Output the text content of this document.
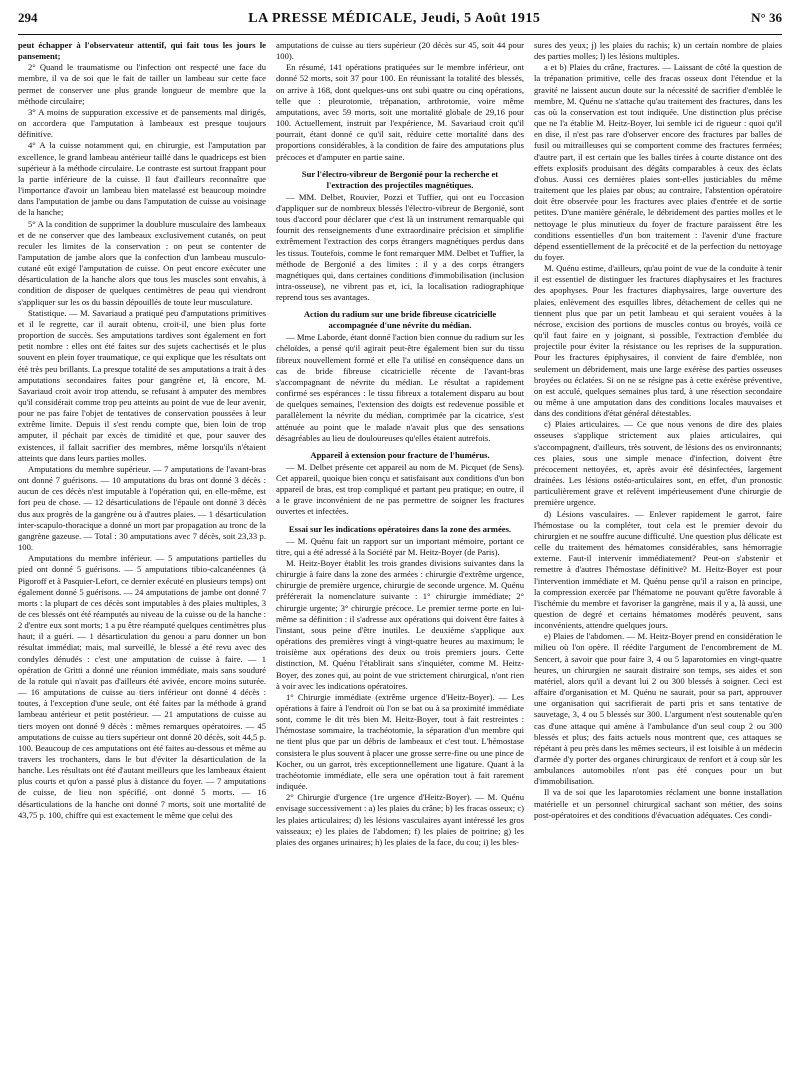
294	LA PRESSE MÉDICALE, Jeudi, 5 Août 1915	N° 36

peut échapper à l'observateur attentif, qui fait tous les jours le pansement;

2° Quand le traumatisme ou l'infection ont respecté une face du membre, il va de soi que le fait de tailler un lambeau sur cette face permet de conserver une plus grande longueur de membre que la méthode circulaire;

3° A moins de suppuration excessive et de pansements mal dirigés, on accordera que l'amputation à lambeaux est presque toujours définitive.

4° A la cuisse notamment qui, en chirurgie, est l'amputation par excellence, le grand lambeau antérieur taillé dans le quadriceps est bien supérieur à la méthode circulaire. Le contraste est surtout frappant pour la partie inférieure de la cuisse. Il faut d'ailleurs reconnaître que l'importance d'avoir un lambeau bien matelassé est beaucoup moindre dans l'amputation de jambe ou dans l'amputation de cuisse au voisinage de la hanche;

5° A la condition de supprimer la doublure musculaire des lambeaux et de ne conserver que des lambeaux exclusivement cutanés, on peut reculer les limites de la conservation : on peut se contenter de l'amputation de jambe alors que la confection d'un lambeau musculo-cutané eût exigé l'amputation de cuisse. On peut encore exécuter une désarticulation de la hanche alors que tous les muscles sont envahis, à condition de disposer de quelques centimètres de peau qui viendront s'appliquer sur les os du bassin dépouillés de toute leur musculature.

Statistique. — M. Savariaud a pratiqué peu d'amputations primitives et il le regrette, car il aurait obtenu, croit-il, une bien plus forte proportion de succès. Ses amputations tardives sont également en fort petit nombre : elles ont été faites sur des sujets cachectisés et le plus souvent en plein foyer traumatique, ce qui explique que les résultats ont été très peu brillants. La presque totalité de ses amputations a trait à des amputations secondaires faites pour gangrène et, là encore, M. Savariaud croit avoir trop attendu, se refusant à amputer des membres qu'il considérait comme trop peu atteints au point de vue de leur avenir, pour ne pas faire l'objet de tentatives de conservation poussées à leur extrême limite. Depuis il s'est rendu compte que, bien loin de trop amputer, il péchait par excès de timidité et que, pour sauver des existences, il fallait sacrifier des membres, même lorsqu'ils n'étaient atteints que dans leurs parties molles.

Amputations du membre supérieur. — 7 amputations de l'avant-bras ont donné 7 guérisons. — 10 amputations du bras ont donné 3 décès : aucun de ces décès n'est imputable à l'opération qui, en elle-même, est fort peu de chose. — 12 désarticulations de l'épaule ont donné 3 décès dus aux progrès de la gangrène ou à d'autres plaies. — 1 désarticulation inter-scapulo-thoracique a donné un mort par propagation au tronc de la gangrène gazeuse. — Total : 30 amputations avec 7 décès, soit 23,33 p. 100.

Amputations du membre inférieur. — 5 amputations partielles du pied ont donné 5 guérisons. — 5 amputations tibio-calcanéennes (à Pigoroff et à Pasquier-Lefort, ce dernier exécuté en plusieurs temps) ont également donné 5 guérisons. — 24 amputations de jambe ont donné 7 morts : la plupart de ces décès sont imputables à des plaies multiples, 3 de ces blessés ont été réamputés au niveau de la cuisse ou de la hanche : 2 d'entre eux sont morts; 1 a pu être réamputé quelques centimètres plus haut; il a guéri. — 1 désarticulation du genou a paru donner un bon résultat immédiat; mais, mal surveillé, le blessé a été revu avec des condyles dénudés : c'est une amputation de cuisse à faire. — 1 opération de Gritti a donné une réunion immédiate, mais sans souduré de la rotule qui n'avait pas d'ailleurs été avivée, encore moins suturée. — 16 amputations de cuisse au tiers inférieur ont donné 4 décès : toutes, à l'exception d'une seule, ont été faites par la méthode à grand lambeau antérieur et petit postérieur. — 21 amputations de cuisse au tiers moyen ont donné 9 décès : mêmes remarques opératoires. — 45 amputations de cuisse au tiers supérieur ont donné 20 décès, soit 44,5 p. 100. Beaucoup de ces amputations ont été faites au-dessous et même au travers les trochanters, dans le but d'éviter la désarticulation de la hanche. Les résultats ont été d'autant meilleurs que les lambeaux étaient plus courts et qu'on a passé plus à distance du foyer. — 7 amputations de cuisse, de lieu non spécifié, ont donné 5 morts. — 16 désarticulations de la hanche ont donné 7 morts, soit une mortalité de 43,75 p. 100, chiffre qui est exactement le même que celui des

amputations de cuisse au tiers supérieur (20 décès sur 45, soit 44 pour 100).

En résumé, 141 opérations pratiquées sur le membre inférieur, ont donné 52 morts, soit 37 pour 100. En réunissant la totalité des blessés, on arrive à 168, dont quelques-uns ont subi quatre ou cinq opérations, telle que : pleurotomie, trépanation, arthrotomie, voire même amputations, avec 59 morts, soit une mortalité globale de 29,16 pour 100. Actuellement, instruit par l'expérience, M. Savariaud croit qu'il pourrait, étant donné ce qu'il sait, réduire cette mortalité dans des proportions considérables, à la condition de faire des amputations plus précoces et d'amputer en partie saine.

Sur l'électro-vibreur de Bergonié pour la recherche et l'extraction des projectiles magnétiques.

— MM. Delbet, Rouvier, Pozzi et Tuffier, qui ont eu l'occasion d'appliquer sur de nombreux blessés l'électro-vibreur de Bergonié, sont tous d'accord pour déclarer que c'est là un instrument remarquable qui fournit des renseignements d'une extraordinaire précision et simplifie extrêmement l'extraction des corps étrangers magnétiques perdus dans les tissus. Toutefois, comme le font remarquer MM. Delbet et Tuffier, la méthode de Bergonié a des limites : il y a des corps étrangers magnétiques qui, dans certaines conditions d'immobilisation (inclusion intra-osseuse), ne vibrent pas et, ici, la localisation radiographique reprend tous ses avantages.

Action du radium sur une bride fibreuse cicatricielle accompagnée d'une névrite du médian.

— Mme Laborde, étant donné l'action bien connue du radium sur les chéloïdes, a pensé qu'il agirait peut-être également bien sur du tissu fibreux nouvellement formé et elle l'a utilisé en conséquence dans un cas de bride fibreuse cicatricielle récente de l'avant-bras s'accompagnant de névrite du médian. Le résultat a rapidement confirmé ses espérances : le tissu fibreux a totalement disparu au bout de quelques semaines, l'extension des doigts est redevenue possible et parallèlement la névrite du médian, comprimée par la cicatrice, s'est atténuée au point que le malade n'avait plus que des sensations désagréables au lieu de douloureuses qu'elles étaient autrefois.

Appareil à extension pour fracture de l'humérus.

— M. Delbet présente cet appareil au nom de M. Picquet (de Sens). Cet appareil, quoique bien conçu et satisfaisant aux conditions d'un bon appareil de bras, est trop compliqué et partant peu pratique; en outre, il a le grave inconvénient de ne pas permettre de soigner les fractures ouvertes et infectées.

Essai sur les indications opératoires dans la zone des armées.

— M. Quénu fait un rapport sur un important mémoire, portant ce titre, qui a été adressé à la Société par M. Heitz-Boyer (de Paris).

M. Heitz-Boyer établit les trois grandes divisions suivantes dans la chirurgie à faire dans la zone des armées : chirurgie d'extrême urgence, chirurgie de première urgence, chirurgie de seconde urgence. M. Quénu préférerait la nomenclature suivante : 1° chirurgie immédiate; 2° chirurgie urgente; 3° chirurgie précoce. Le premier terme porte en lui-même sa définition : il s'adresse aux opérations qui doivent être faites à l'instant, sous peine d'être inutiles. Le deuxième s'applique aux opérations des premières vingt à vingt-quatre heures au maximum; le troisième aux opérations des deux ou trois premiers jours. Cette distinction, M. Quénu l'établirait sans s'inquiéter, comme M. Heitz-Boyer, des zones qui, au point de vue strictement chirurgical, n'ont rien à voir avec les indications opératoires.

1° Chirurgie immédiate (extrême urgence d'Heitz-Boyer). — Les opérations à faire à l'endroit où l'on se bat ou à sa proximité immédiate sont, comme le dit très bien M. Heitz-Boyer, tout à fait restreintes : l'hémostase sommaire, la trachéotomie, la séparation d'un membre qui ne tient plus que par un débris de lambeaux et c'est tout. L'hémostase consistera le plus souvent à placer une grosse serre-fine ou une pince de Kocher, ou un garrot, très exceptionnellement une ligature. Quant à la trachéotomie immédiate, elle sera une opération tout à fait rarement indiquée.

2° Chirurgie d'urgence (1re urgence d'Heitz-Boyer). — M. Quénu envisage successivement : a) les plaies du crâne; b) les fracas osseux; c) les plaies articulaires; d) les lésions vasculaires ayant intéressé les gros vaisseaux; e) les plaies de l'abdomen; f) les plaies de poitrine; g) les plaies des organes urinaires; h) les plaies de la face, du cou; i) les bles-

sures des yeux; j) les plaies du rachis; k) un certain nombre de plaies des parties molles; l) les lésions multiples.

a et b) Plaies du crâne, fractures. — Laissant de côté la question de la trépanation primitive, celle des fracas osseux dont l'étendue et la gravité ne laissent aucun doute sur la nécessité de sacrifier d'emblée le membre, M. Quénu ne s'attache qu'au traitement des fractures, dans les cas où la conservation est tout indiquée. Une distinction plus précise que ne l'a établie M. Heitz-Boyer, lui semble ici de rigueur : quoi qu'il en dise, il n'est pas rare d'observer encore des fractures par balles de fusil ou mitrailleuses qui se comportent comme des fractures fermées; d'autre part, il est certain que les balles tirées à courte distance ont des effets explosifs produisant des dégâts comparables à ceux des éclats d'obus. Aussi ces dernières plaies sont-elles justiciables du même traitement que les plaies par obus; au contraire, l'abstention opératoire doit être observée pour les fractures avec plaies d'entrée et de sortie petites. D'une manière générale, le débridement des parties molles et le nettoyage le plus minutieux du foyer de fracture paraissent être les conditions essentielles d'un bon traitement : l'avenir d'une fracture dépend essentiellement de la précocité et de la perfection du nettoyage du foyer.

M. Quénu estime, d'ailleurs, qu'au point de vue de la conduite à tenir il est essentiel de distinguer les fractures diaphysaires et les fractures des apophyses. Pour les fractures diaphysaires, large ouverture des plaies, enlèvement des esquilles libres, détachement de celles qui ne tiennent plus que par un petit lambeau et qui seraient vouées à la nécrose, excision des portions de muscles contus ou broyés, voilà ce qu'il faut faire en y joignant, si possible, l'extraction d'emblée du projectile pour éviter la résistance ou les reprises de la suppuration. Pour les fractures épiphysaires, il convient de faire d'emblée, non seulement un débridement, mais une large exérèse des parties osseuses broyées ou éclatées. Si on ne se résigne pas à cette exérèse préventive, on est acculé, quelques semaines plus tard, à une résection secondaire ou même à une amputation dans des conditions locales mauvaises et dans des conditions d'état général détestables.

c) Plaies articulaires. — Ce que nous venons de dire des plaies osseuses s'applique strictement aux plaies articulaires, qui s'accompagnent, d'ailleurs, très souvent, de lésions des os environnants; ces plaies, sous une simple menace d'infection, doivent être précocement nettoyées, et, après avoir été désinfectées, largement drainées. Les lésions ostéo-articulaires sont, en effet, d'un pronostic particulièrement grave et relèvent impérieusement d'une chirurgie de première urgence.

d) Lésions vasculaires. — Enlever rapidement le garrot, faire l'hémostase ou la compléter, tout cela est le premier devoir du chirurgien et ne souffre aucune difficulté. Une question plus délicate est celle du traitement des hématomes considérables, sans hémorragie externe. Faut-il intervenir immédiatement? Peut-on s'abstenir et remettre à d'autres l'hémostase définitive? M. Heitz-Boyer est pour l'intervention immédiate et M. Quénu pense qu'il a raison en principe, la compression exercée par l'hématome ne pouvant qu'être favorable à l'ischémie du membre et favoriser la gangrène, mais il y a, là aussi, une question de degré et certains hématomes modérés peuvent, sans inconvénients, attendre quelques jours.

e) Plaies de l'abdomen. — M. Heitz-Boyer prend en considération le milieu où l'on opère. Il réédite l'argument de l'encombrement de M. Sencert, à savoir que pour faire 3, 4 ou 5 laparotomies en vingt-quatre heures, un chirurgien ne saurait distraire son temps, ses aides et son matériel, alors qu'il a devant lui 2 ou 300 blessés à soigner. Ceci est affaire d'organisation et M. Quénu ne saurait, pour sa part, approuver une organisation qui sacrifierait de parti pris et sans tentative de sauvetage, 3, 4 ou 5 blessés sur 300. L'argument n'est soutenable qu'en cas d'une attaque qui amène à l'ambulance d'un seul coup 2 ou 300 blessés et plus; des faits actuels nous montrent que, ces attaques se répétant à peu près dans les mêmes secteurs, il est loisible à un médecin d'armée d'y porter des organes chirurgicaux de renfort et à coup sûr les ambulances automobiles n'ont pas été conçues pour un but d'immobilisation.

Il va de soi que les laparotomies réclament une bonne installation matérielle et un personnel chirurgical sachant son métier, des soins post-opératoires et des conditions d'évacuation adéquates. Ces condi-
